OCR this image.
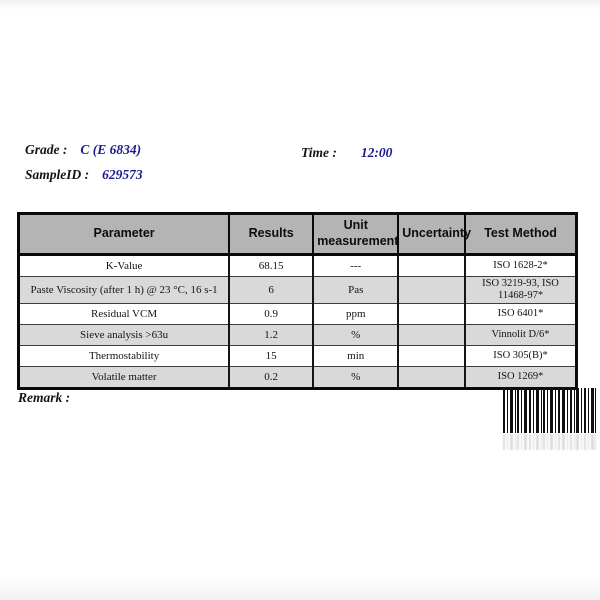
Grade : C (E 6834)
SampleID : 629573
Time : 12:00
Parameter	Results	Unit measurement	Uncertainty	Test Method
K-Value	68.15	---		ISO 1628-2*
Paste Viscosity (after 1 h) @ 23 °C, 16 s-1	6	Pas		ISO 3219-93, ISO 11468-97*
Residual VCM	0.9	ppm		ISO 6401*
Sieve analysis >63u	1.2	%		Vinnolit D/6*
Thermostability	15	min		ISO 305(B)*
Volatile matter	0.2	%		ISO 1269*
Remark :
